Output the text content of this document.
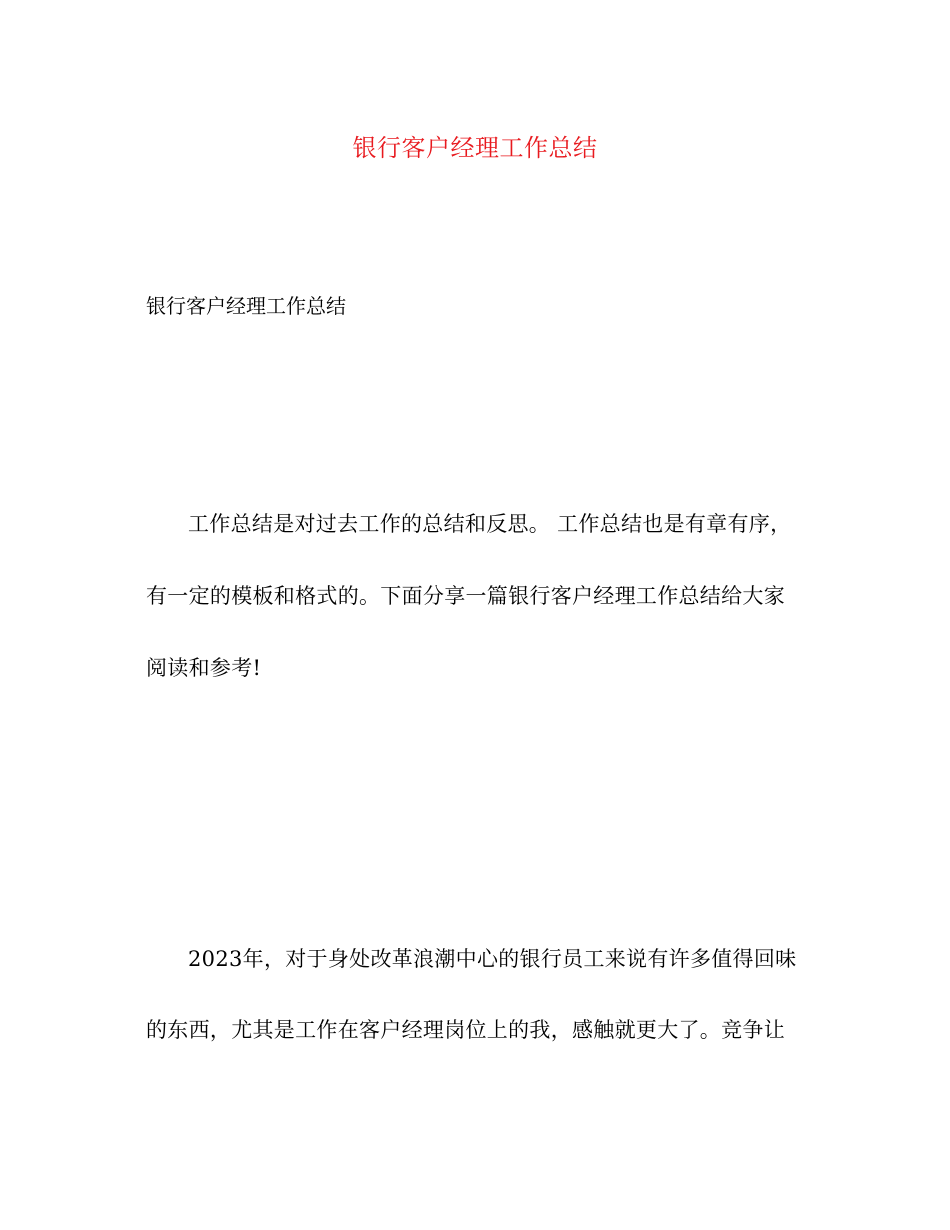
银行客户经理工作总结

银行客户经理工作总结

工作总结是对过去工作的总结和反思。 工作总结也是有章有序，

有一定的模板和格式的。下面分享一篇银行客户经理工作总结给大家

阅读和参考!

2023年，对于身处改革浪潮中心的银行员工来说有许多值得回味

的东西，尤其是工作在客户经理岗位上的我，感触就更大了。竞争让
